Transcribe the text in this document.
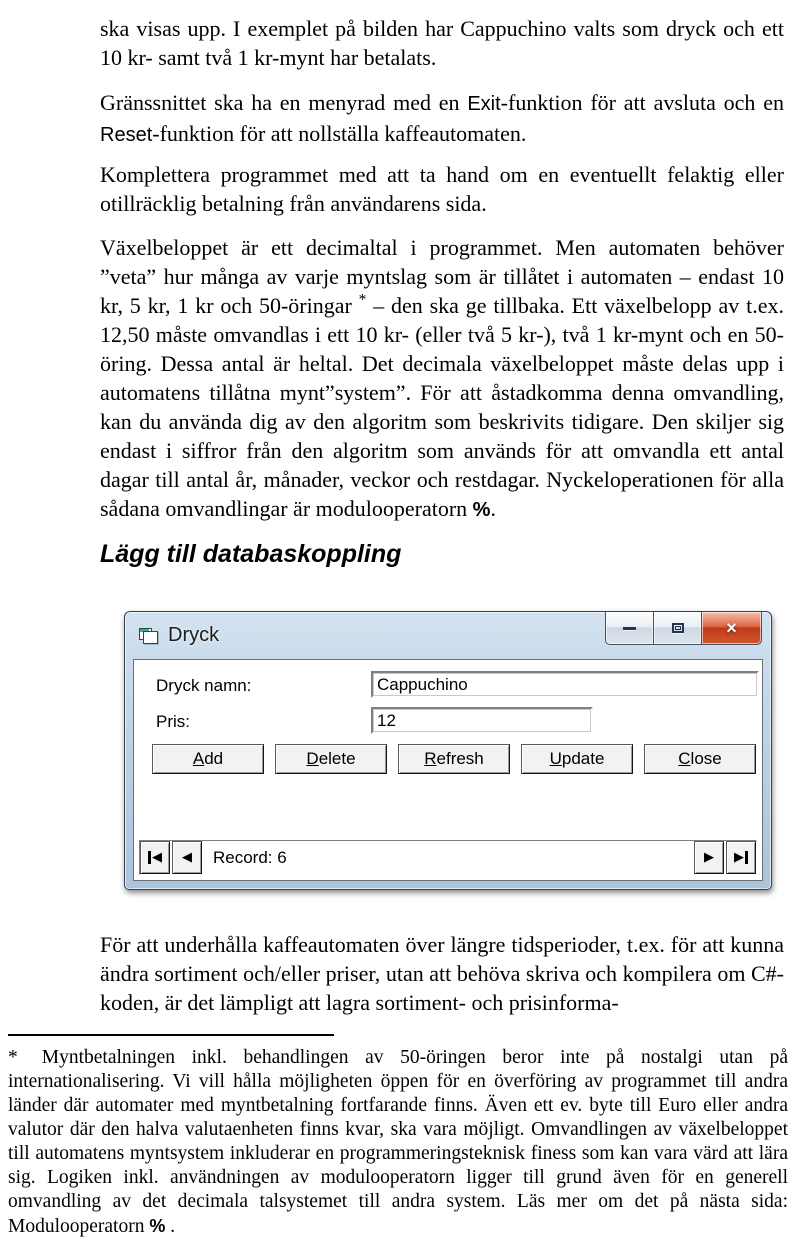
ska visas upp. I exemplet på bilden har Cappuchino valts som dryck och ett 10 kr- samt två 1 kr-mynt har betalats.

Gränssnittet ska ha en menyrad med en Exit-funktion för att avsluta och en Reset-funktion för att nollställa kaffeautomaten.

Komplettera programmet med att ta hand om en eventuellt felaktig eller otillräcklig betalning från användarens sida.

Växelbeloppet är ett decimaltal i programmet. Men automaten behöver ”veta” hur många av varje myntslag som är tillåtet i automaten – endast 10 kr, 5 kr, 1 kr och 50-öringar * – den ska ge tillbaka. Ett växelbelopp av t.ex. 12,50 måste omvandlas i ett 10 kr- (eller två 5 kr-), två 1 kr-mynt och en 50-öring. Dessa antal är heltal. Det decimala växelbeloppet måste delas upp i automatens tillåtna mynt”system”. För att åstadkomma denna omvandling, kan du använda dig av den algoritm som beskrivits tidigare. Den skiljer sig endast i siffror från den algoritm som används för att omvandla ett antal dagar till antal år, månader, veckor och restdagar. Nyckeloperationen för alla sådana omvandlingar är modulooperatorn %.

Lägg till databaskoppling
Dryck	×
Dryck namn:
Cappuchino
Pris:
12
Add	Delete	Refresh	Update	Close
◀ ◀	Record: 6	▶ ▶

För att underhålla kaffeautomaten över längre tidsperioder, t.ex. för att kunna ändra sortiment och/eller priser, utan att behöva skriva och kompilera om C#- koden, är det lämpligt att lagra sortiment- och prisinforma-

* Myntbetalningen inkl. behandlingen av 50-öringen beror inte på nostalgi utan på internationalisering. Vi vill hålla möjligheten öppen för en överföring av programmet till andra länder där automater med myntbetalning fortfarande finns. Även ett ev. byte till Euro eller andra valutor där den halva valutaenheten finns kvar, ska vara möjligt. Omvandlingen av växelbeloppet till automatens myntsystem inkluderar en programmeringsteknisk finess som kan vara värd att lära sig. Logiken inkl. användningen av modulooperatorn ligger till grund även för en generell omvandling av det decimala talsystemet till andra system. Läs mer om det på nästa sida: Modulooperatorn % .
